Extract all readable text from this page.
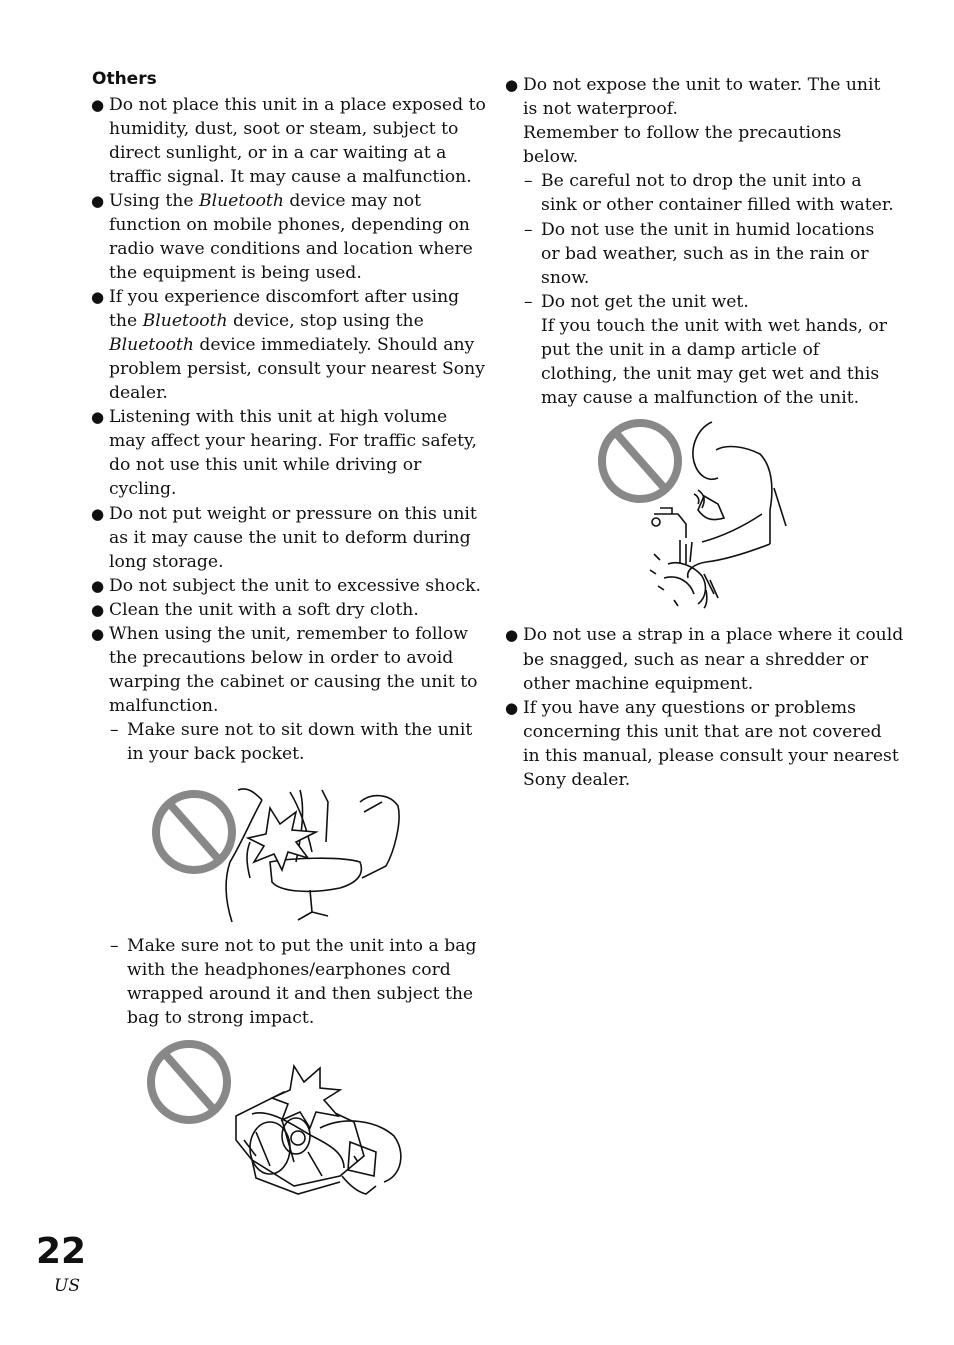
Others
● Do not place this unit in a place exposed to
humidity, dust, soot or steam, subject to
direct sunlight, or in a car waiting at a
traffic signal. It may cause a malfunction.
● Using the Bluetooth device may not
function on mobile phones, depending on
radio wave conditions and location where
the equipment is being used.
● If you experience discomfort after using
the Bluetooth device, stop using the
Bluetooth device immediately. Should any
problem persist, consult your nearest Sony
dealer.
● Listening with this unit at high volume
may affect your hearing. For traffic safety,
do not use this unit while driving or
cycling.
● Do not put weight or pressure on this unit
as it may cause the unit to deform during
long storage.
● Do not subject the unit to excessive shock.
● Clean the unit with a soft dry cloth.
● When using the unit, remember to follow
the precautions below in order to avoid
warping the cabinet or causing the unit to
malfunction.
– Make sure not to sit down with the unit
in your back pocket.
– Make sure not to put the unit into a bag
with the headphones/earphones cord
wrapped around it and then subject the
bag to strong impact.
● Do not expose the unit to water. The unit
is not waterproof.
Remember to follow the precautions
below.
– Be careful not to drop the unit into a
sink or other container filled with water.
– Do not use the unit in humid locations
or bad weather, such as in the rain or
snow.
– Do not get the unit wet.
If you touch the unit with wet hands, or
put the unit in a damp article of
clothing, the unit may get wet and this
may cause a malfunction of the unit.
● Do not use a strap in a place where it could
be snagged, such as near a shredder or
other machine equipment.
● If you have any questions or problems
concerning this unit that are not covered
in this manual, please consult your nearest
Sony dealer.
22
US
